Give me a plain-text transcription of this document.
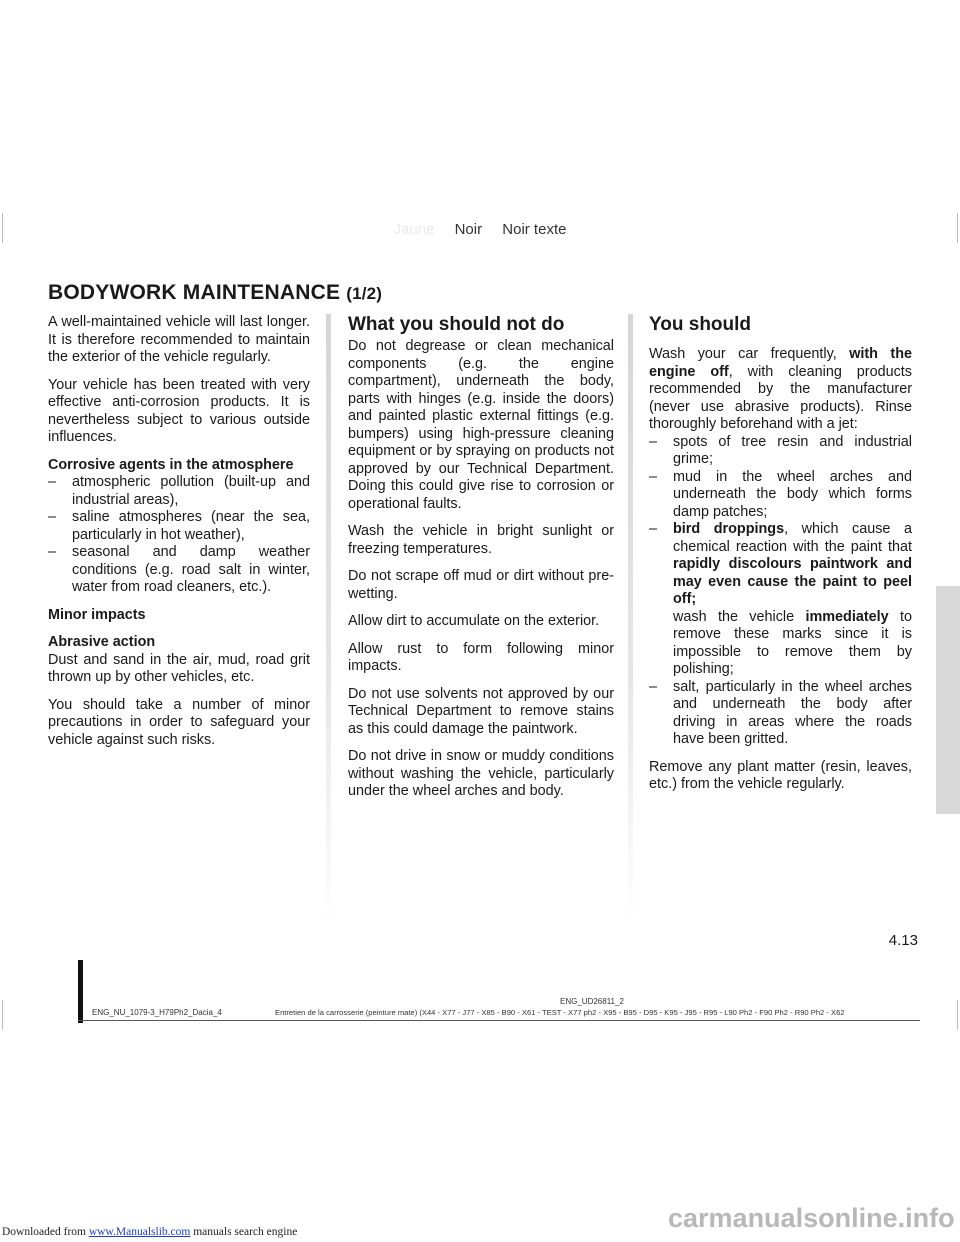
Jaune Noir Noir texte
BODYWORK MAINTENANCE (1/2)

A well-maintained vehicle will last longer. It is therefore recommended to maintain the exterior of the vehicle regularly.

Your vehicle has been treated with very effective anti-corrosion products. It is nevertheless subject to various outside influences.

Corrosive agents in the atmosphere

– atmospheric pollution (built-up and industrial areas),
– saline atmospheres (near the sea, particularly in hot weather),
– seasonal and damp weather conditions (e.g. road salt in winter, water from road cleaners, etc.).

Minor impacts

Abrasive action

Dust and sand in the air, mud, road grit thrown up by other vehicles, etc.

You should take a number of minor precautions in order to safeguard your vehicle against such risks.

What you should not do

Do not degrease or clean mechanical components (e.g. the engine compartment), underneath the body, parts with hinges (e.g. inside the doors) and painted plastic external fittings (e.g. bumpers) using high-pressure cleaning equipment or by spraying on products not approved by our Technical Department. Doing this could give rise to corrosion or operational faults.

Wash the vehicle in bright sunlight or freezing temperatures.

Do not scrape off mud or dirt without pre-wetting.

Allow dirt to accumulate on the exterior.

Allow rust to form following minor impacts.

Do not use solvents not approved by our Technical Department to remove stains as this could damage the paintwork.

Do not drive in snow or muddy conditions without washing the vehicle, particularly under the wheel arches and body.

You should

Wash your car frequently, with the engine off, with cleaning products recommended by the manufacturer (never use abrasive products). Rinse thoroughly beforehand with a jet:

– spots of tree resin and industrial grime;
– mud in the wheel arches and underneath the body which forms damp patches;
– bird droppings, which cause a chemical reaction with the paint that rapidly discolours paintwork and may even cause the paint to peel off;
wash the vehicle immediately to remove these marks since it is impossible to remove them by polishing;
– salt, particularly in the wheel arches and underneath the body after driving in areas where the roads have been gritted.

Remove any plant matter (resin, leaves, etc.) from the vehicle regularly.

4.13
ENG_UD26811_2
ENG_NU_1079-3_H79Ph2_Dacia_4	Entretien de la carrosserie (peinture mate) (X44 - X77 - J77 - X85 - B90 - X61 - TEST - X77 ph2 - X95 - B95 - D95 - K95 - J95 - R95 - L90 Ph2 - F90 Ph2 - R90 Ph2 - X62
carmanualsonline.info
Downloaded from www.Manualslib.com manuals search engine
